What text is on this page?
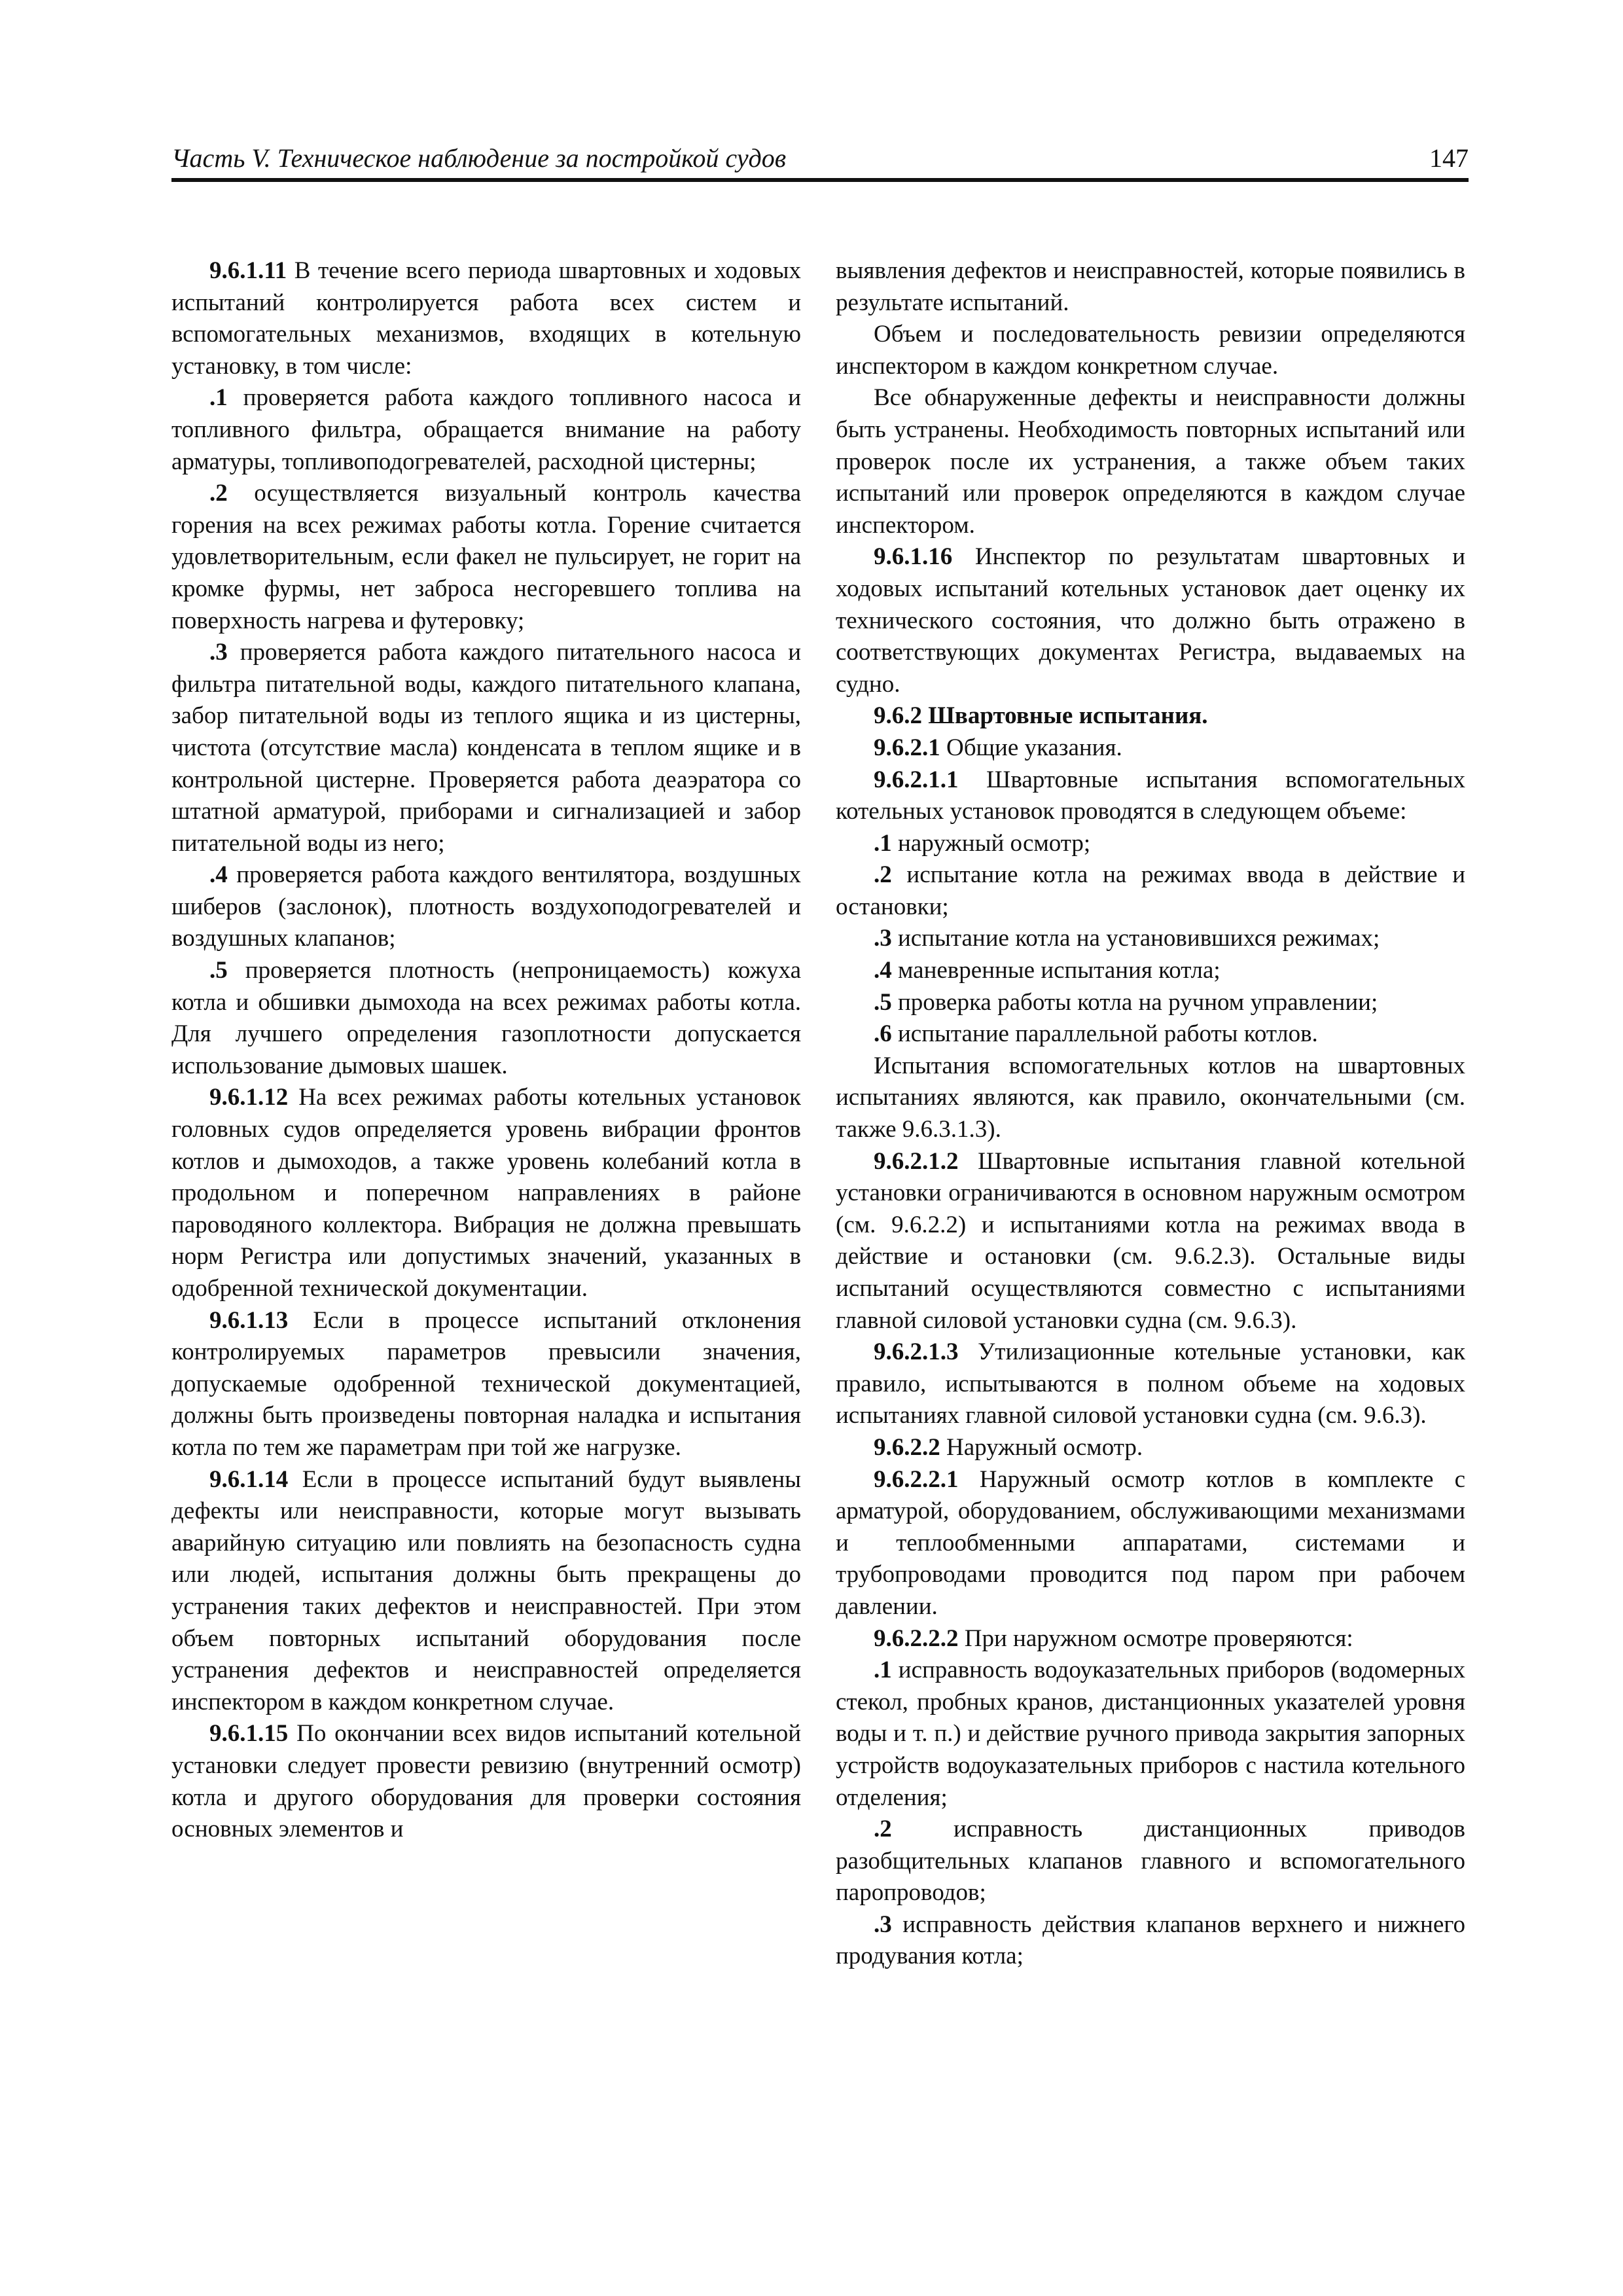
Часть V. Техническое наблюдение за постройкой судов	147

9.6.1.11 В течение всего периода швартовных и ходовых испытаний контролируется работа всех систем и вспомогательных механизмов, входящих в котельную установку, в том числе:

.1 проверяется работа каждого топливного насоса и топливного фильтра, обращается внимание на работу арматуры, топливоподогревателей, расходной цистерны;

.2 осуществляется визуальный контроль качества горения на всех режимах работы котла. Горение считается удовлетворительным, если факел не пульсирует, не горит на кромке фурмы, нет заброса несгоревшего топлива на поверхность нагрева и футеровку;

.3 проверяется работа каждого питательного насоса и фильтра питательной воды, каждого питательного клапана, забор питательной воды из теплого ящика и из цистерны, чистота (отсутствие масла) конденсата в теплом ящике и в контрольной цистерне. Проверяется работа деаэратора со штатной арматурой, приборами и сигнализацией и забор питательной воды из него;

.4 проверяется работа каждого вентилятора, воздушных шиберов (заслонок), плотность воздухоподогревателей и воздушных клапанов;

.5 проверяется плотность (непроницаемость) кожуха котла и обшивки дымохода на всех режимах работы котла. Для лучшего определения газоплотности допускается использование дымовых шашек.

9.6.1.12 На всех режимах работы котельных установок головных судов определяется уровень вибрации фронтов котлов и дымоходов, а также уровень колебаний котла в продольном и поперечном направлениях в районе пароводяного коллектора. Вибрация не должна превышать норм Регистра или допустимых значений, указанных в одобренной технической документации.

9.6.1.13 Если в процессе испытаний отклонения контролируемых параметров превысили значения, допускаемые одобренной технической документацией, должны быть произведены повторная наладка и испытания котла по тем же параметрам при той же нагрузке.

9.6.1.14 Если в процессе испытаний будут выявлены дефекты или неисправности, которые могут вызывать аварийную ситуацию или повлиять на безопасность судна или людей, испытания должны быть прекращены до устранения таких дефектов и неисправностей. При этом объем повторных испытаний оборудования после устранения дефектов и неисправностей определяется инспектором в каждом конкретном случае.

9.6.1.15 По окончании всех видов испытаний котельной установки следует провести ревизию (внутренний осмотр) котла и другого оборудования для проверки состояния основных элементов и

выявления дефектов и неисправностей, которые появились в результате испытаний.

Объем и последовательность ревизии определяются инспектором в каждом конкретном случае.

Все обнаруженные дефекты и неисправности должны быть устранены. Необходимость повторных испытаний или проверок после их устранения, а также объем таких испытаний или проверок определяются в каждом случае инспектором.

9.6.1.16 Инспектор по результатам швартовных и ходовых испытаний котельных установок дает оценку их технического состояния, что должно быть отражено в соответствующих документах Регистра, выдаваемых на судно.

9.6.2 Швартовные испытания.

9.6.2.1 Общие указания.

9.6.2.1.1 Швартовные испытания вспомогательных котельных установок проводятся в следующем объеме:

.1 наружный осмотр;

.2 испытание котла на режимах ввода в действие и остановки;

.3 испытание котла на установившихся режимах;

.4 маневренные испытания котла;

.5 проверка работы котла на ручном управлении;

.6 испытание параллельной работы котлов.

Испытания вспомогательных котлов на швартовных испытаниях являются, как правило, окончательными (см. также 9.6.3.1.3).

9.6.2.1.2 Швартовные испытания главной котельной установки ограничиваются в основном наружным осмотром (см. 9.6.2.2) и испытаниями котла на режимах ввода в действие и остановки (см. 9.6.2.3). Остальные виды испытаний осуществляются совместно с испытаниями главной силовой установки судна (см. 9.6.3).

9.6.2.1.3 Утилизационные котельные установки, как правило, испытываются в полном объеме на ходовых испытаниях главной силовой установки судна (см. 9.6.3).

9.6.2.2 Наружный осмотр.

9.6.2.2.1 Наружный осмотр котлов в комплекте с арматурой, оборудованием, обслуживающими механизмами и теплообменными аппаратами, системами и трубопроводами проводится под паром при рабочем давлении.

9.6.2.2.2 При наружном осмотре проверяются:

.1 исправность водоуказательных приборов (водомерных стекол, пробных кранов, дистанционных указателей уровня воды и т. п.) и действие ручного привода закрытия запорных устройств водоуказательных приборов с настила котельного отделения;

.2 исправность дистанционных приводов разобщительных клапанов главного и вспомогательного паропроводов;

.3 исправность действия клапанов верхнего и нижнего продувания котла;
